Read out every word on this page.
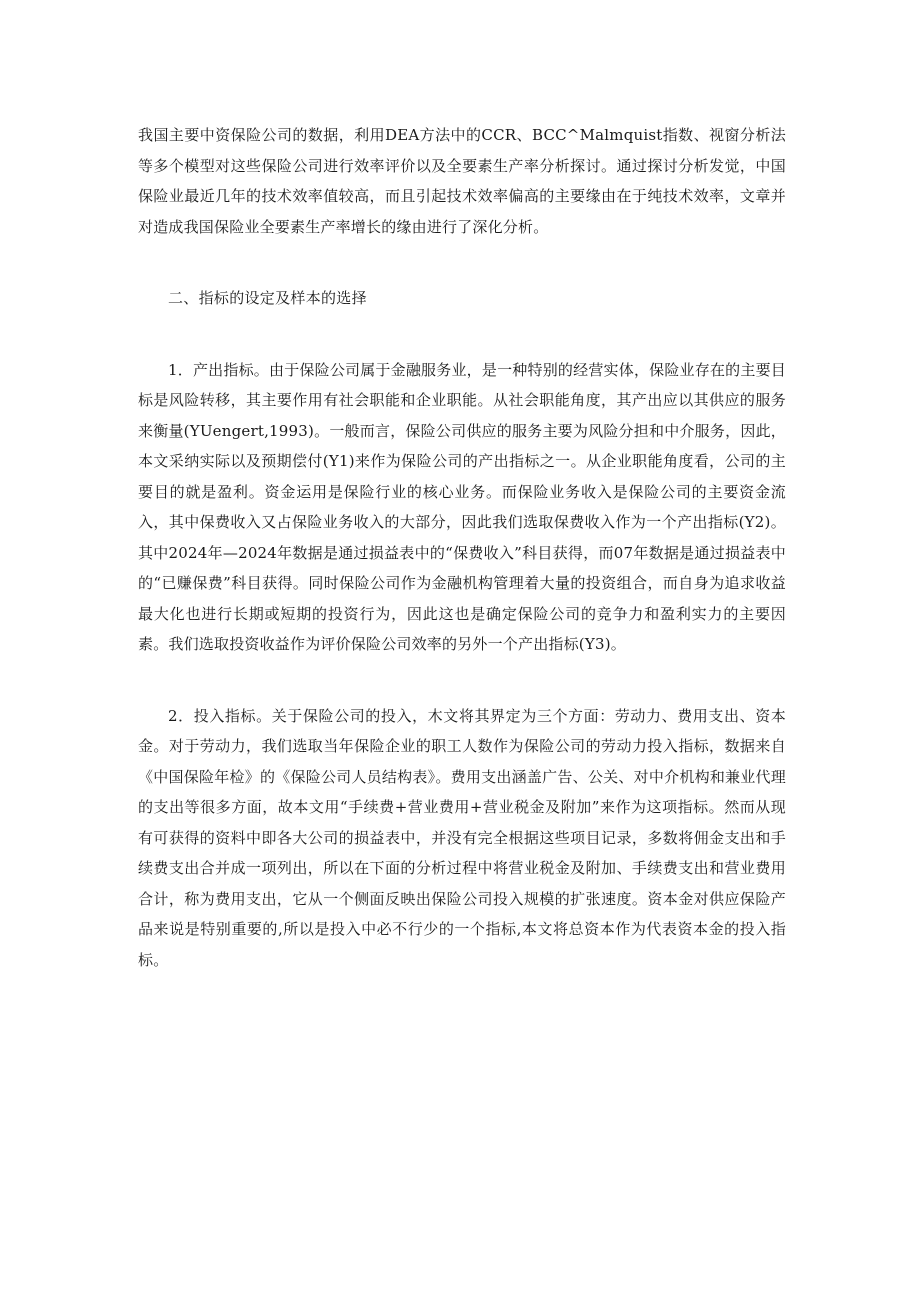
我国主要中资保险公司的数据，利用DEA方法中的CCR、BCC^Malmquist指数、视窗分析法等多个模型对这些保险公司进行效率评价以及全要素生产率分析探讨。通过探讨分析发觉，中国保险业最近几年的技术效率值较高，而且引起技术效率偏高的主要缘由在于纯技术效率，文章并对造成我国保险业全要素生产率增长的缘由进行了深化分析。

二、指标的设定及样本的选择

1．产出指标。由于保险公司属于金融服务业，是一种特别的经营实体，保险业存在的主要目标是风险转移，其主要作用有社会职能和企业职能。从社会职能角度，其产出应以其供应的服务来衡量(YUengert,1993)。一般而言，保险公司供应的服务主要为风险分担和中介服务，因此，本文采纳实际以及预期偿付(Y1)来作为保险公司的产出指标之一。从企业职能角度看，公司的主要目的就是盈利。资金运用是保险行业的核心业务。而保险业务收入是保险公司的主要资金流入，其中保费收入又占保险业务收入的大部分，因此我们选取保费收入作为一个产出指标(Y2)。其中2024年—2024年数据是通过损益表中的“保费收入”科目获得，而07年数据是通过损益表中的“已赚保费”科目获得。同时保险公司作为金融机构管理着大量的投资组合，而自身为追求收益最大化也进行长期或短期的投资行为，因此这也是确定保险公司的竞争力和盈利实力的主要因素。我们选取投资收益作为评价保险公司效率的另外一个产出指标(Y3)。

2．投入指标。关于保险公司的投入，木文将其界定为三个方面：劳动力、费用支出、资本金。对于劳动力，我们选取当年保险企业的职工人数作为保险公司的劳动力投入指标，数据来自《中国保险年检》的《保险公司人员结构表》。费用支出涵盖广告、公关、对中介机构和兼业代理的支出等很多方面，故本文用“手续费+营业费用+营业税金及附加”来作为这项指标。然而从现有可获得的资料中即各大公司的损益表中，并没有完全根据这些项目记录，多数将佣金支出和手续费支出合并成一项列出，所以在下面的分析过程中将营业税金及附加、手续费支出和营业费用合计，称为费用支出，它从一个侧面反映出保险公司投入规模的扩张速度。资本金对供应保险产品来说是特别重要的,所以是投入中必不行少的一个指标,本文将总资本作为代表资本金的投入指标。
